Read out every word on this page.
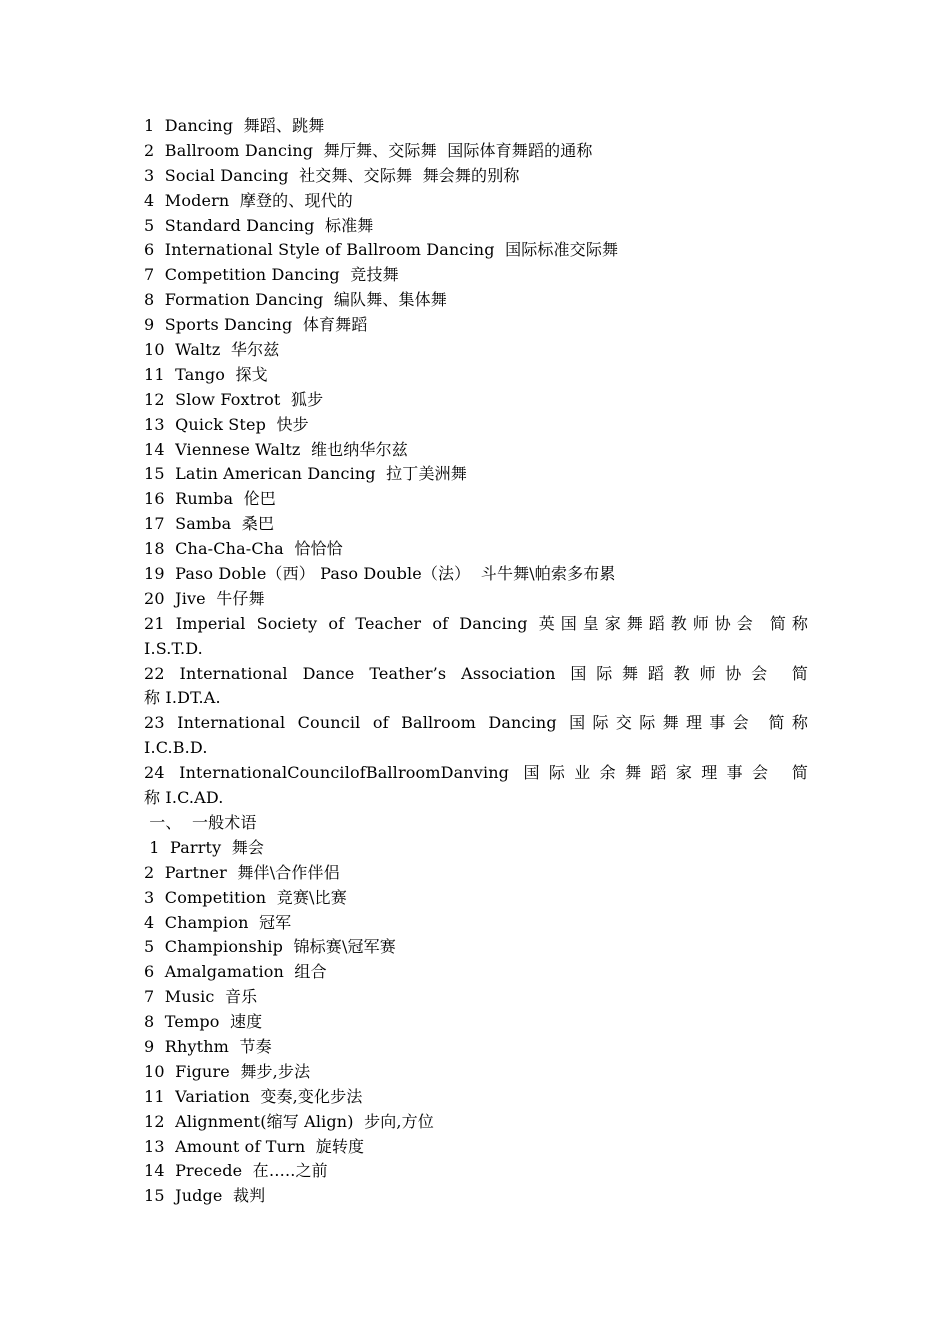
1  Dancing  舞蹈、跳舞
2  Ballroom Dancing  舞厅舞、交际舞  国际体育舞蹈的通称
3  Social Dancing  社交舞、交际舞  舞会舞的别称
4  Modern  摩登的、现代的
5  Standard Dancing  标准舞
6  International Style of Ballroom Dancing  国际标准交际舞
7  Competition Dancing  竞技舞
8  Formation Dancing  编队舞、集体舞
9  Sports Dancing  体育舞蹈
10  Waltz  华尔兹
11  Tango  探戈
12  Slow Foxtrot  狐步
13  Quick Step  快步
14  Viennese Waltz  维也纳华尔兹
15  Latin American Dancing  拉丁美洲舞
16  Rumba  伦巴
17  Samba  桑巴
18  Cha-Cha-Cha  恰恰恰
19  Paso Doble（西） Paso Double（法）  斗牛舞\帕索多布累
20  Jive  牛仔舞
21 Imperial Society of Teacher of Dancing 英国皇家舞蹈教师协会 简称
I.S.T.D.
22 International Dance Teather’s Association 国际舞蹈教师协会 简
称 I.DT.A.
23 International Council of Ballroom Dancing 国际交际舞理事会 简称
I.C.B.D.
24 InternationalCouncilofBallroomDanving 国际业余舞蹈家理事会 简
称 I.C.AD.
一、  一般术语
1  Parrty  舞会
2  Partner  舞伴\合作伴侣
3  Competition  竞赛\比赛
4  Champion  冠军
5  Championship  锦标赛\冠军赛
6  Amalgamation  组合
7  Music  音乐
8  Tempo  速度
9  Rhythm  节奏
10  Figure  舞步,步法
11  Variation  变奏,变化步法
12  Alignment(缩写 Align)  步向,方位
13  Amount of Turn  旋转度
14  Precede  在…..之前
15  Judge  裁判
